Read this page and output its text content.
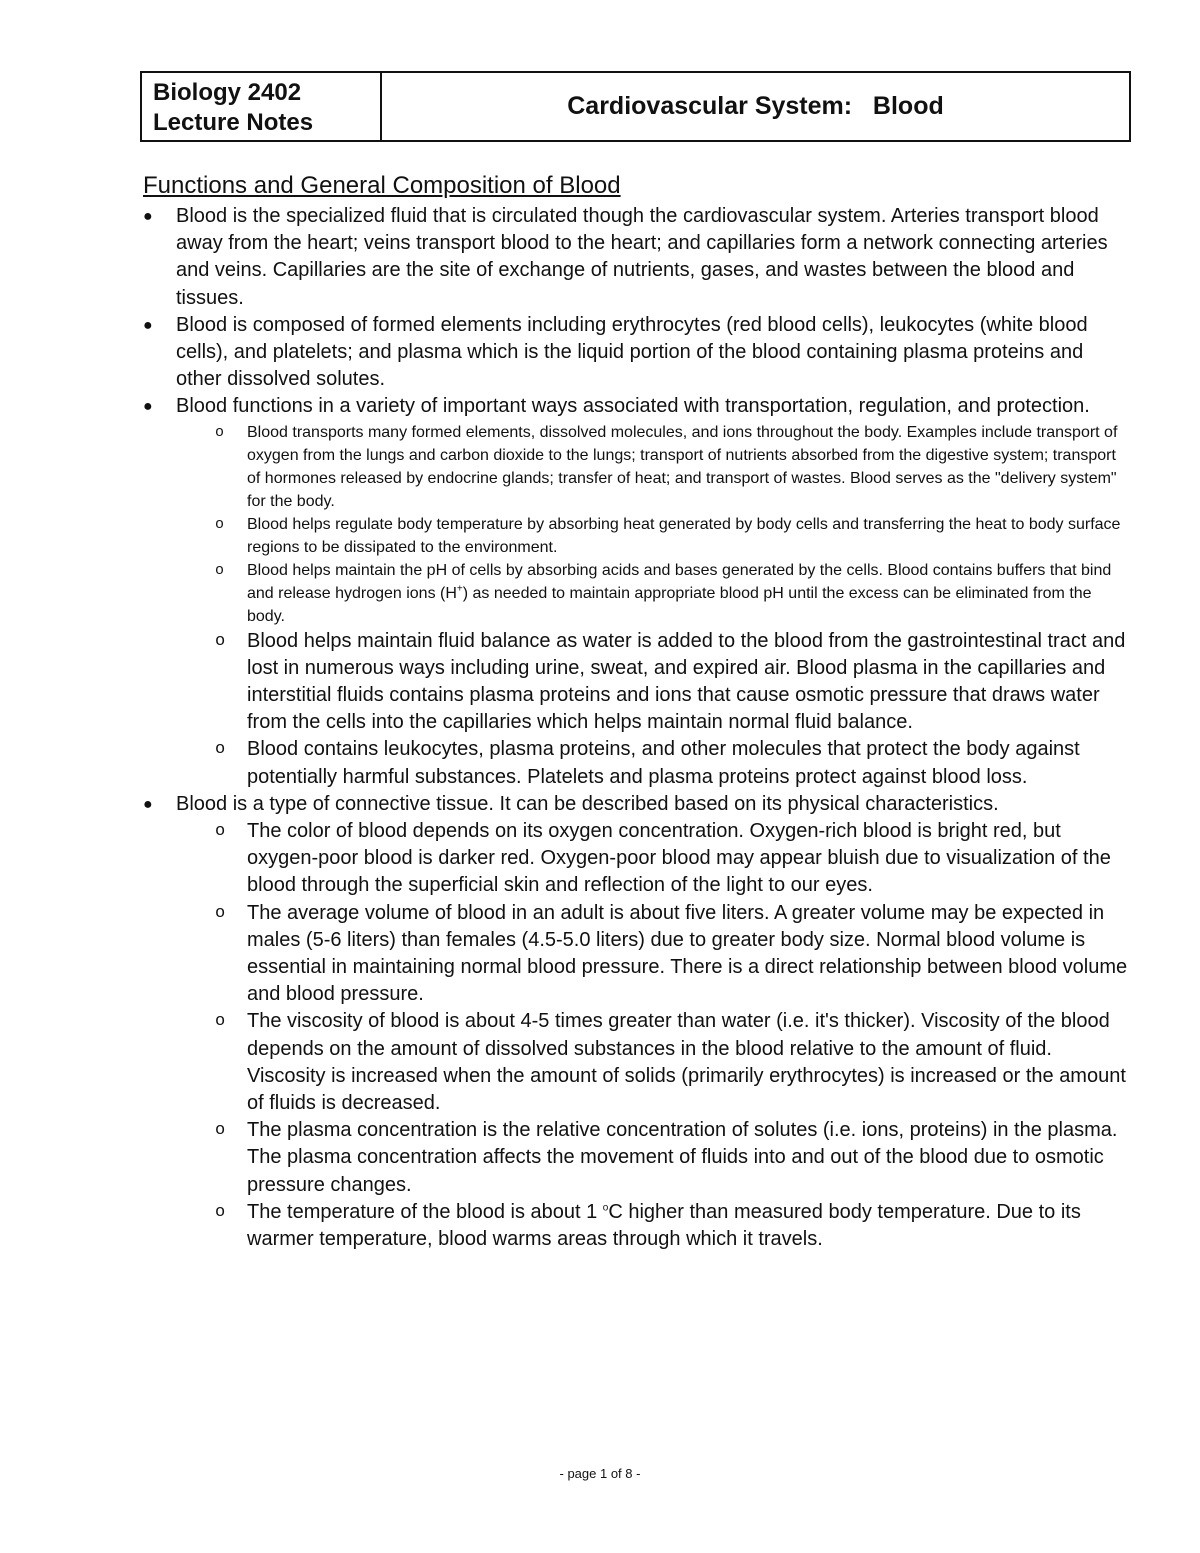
Biology 2402
Lecture Notes
Cardiovascular System:   Blood
Functions and General Composition of Blood
● Blood is the specialized fluid that is circulated though the cardiovascular system. Arteries transport blood away from the heart; veins transport blood to the heart; and capillaries form a network connecting arteries and veins. Capillaries are the site of exchange of nutrients, gases, and wastes between the blood and tissues.
● Blood is composed of formed elements including erythrocytes (red blood cells), leukocytes (white blood cells), and platelets; and plasma which is the liquid portion of the blood containing plasma proteins and other dissolved solutes.
● Blood functions in a variety of important ways associated with transportation, regulation, and protection.
o Blood transports many formed elements, dissolved molecules, and ions throughout the body. Examples include transport of oxygen from the lungs and carbon dioxide to the lungs; transport of nutrients absorbed from the digestive system; transport of hormones released by endocrine glands; transfer of heat; and transport of wastes. Blood serves as the "delivery system" for the body.
o Blood helps regulate body temperature by absorbing heat generated by body cells and transferring the heat to body surface regions to be dissipated to the environment.
o Blood helps maintain the pH of cells by absorbing acids and bases generated by the cells. Blood contains buffers that bind and release hydrogen ions (H+) as needed to maintain appropriate blood pH until the excess can be eliminated from the body.
o Blood helps maintain fluid balance as water is added to the blood from the gastrointestinal tract and lost in numerous ways including urine, sweat, and expired air. Blood plasma in the capillaries and interstitial fluids contains plasma proteins and ions that cause osmotic pressure that draws water from the cells into the capillaries which helps maintain normal fluid balance.
o Blood contains leukocytes, plasma proteins, and other molecules that protect the body against potentially harmful substances. Platelets and plasma proteins protect against blood loss.
● Blood is a type of connective tissue. It can be described based on its physical characteristics.
o The color of blood depends on its oxygen concentration. Oxygen-rich blood is bright red, but oxygen-poor blood is darker red. Oxygen-poor blood may appear bluish due to visualization of the blood through the superficial skin and reflection of the light to our eyes.
o The average volume of blood in an adult is about five liters. A greater volume may be expected in males (5-6 liters) than females (4.5-5.0 liters) due to greater body size. Normal blood volume is essential in maintaining normal blood pressure. There is a direct relationship between blood volume and blood pressure.
o The viscosity of blood is about 4-5 times greater than water (i.e. it's thicker). Viscosity of the blood depends on the amount of dissolved substances in the blood relative to the amount of fluid. Viscosity is increased when the amount of solids (primarily erythrocytes) is increased or the amount of fluids is decreased.
o The plasma concentration is the relative concentration of solutes (i.e. ions, proteins) in the plasma. The plasma concentration affects the movement of fluids into and out of the blood due to osmotic pressure changes.
o The temperature of the blood is about 1 $^o$C higher than measured body temperature. Due to its warmer temperature, blood warms areas through which it travels.
- page 1 of 8 -
